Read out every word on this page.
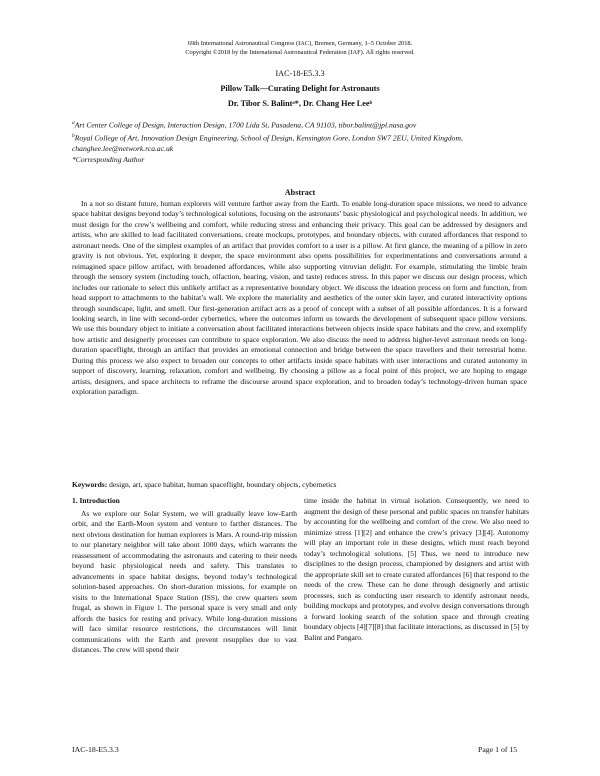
69th International Astronautical Congress (IAC), Bremen, Germany, 1–5 October 2018.
Copyright ©2018 by the International Astronautical Federation (IAF). All rights reserved.
IAC-18-E5.3.3
Pillow Talk—Curating Delight for Astronauts
Dr. Tibor S. Balintᵃ*, Dr. Chang Hee Leeᵇ

$^a$Art Center College of Design, Interaction Design, 1700 Lida St, Pasadena, CA 91103, tibor.balint@jpl.nasa.gov

$^b$Royal College of Art, Innovation Design Engineering, School of Design, Kensington Gore, London SW7 2EU, United Kingdom, changhee.lee@network.rca.ac.uk

*Corresponding Author

Abstract

In a not so distant future, human explorers will venture farther away from the Earth. To enable long-duration space missions, we need to advance space habitat designs beyond today’s technological solutions, focusing on the astronauts’ basic physiological and psychological needs. In addition, we must design for the crew’s wellbeing and comfort, while reducing stress and enhancing their privacy. This goal can be addressed by designers and artists, who are skilled to lead facilitated conversations, create mockups, prototypes, and boundary objects, with curated affordances that respond to astronaut needs. One of the simplest examples of an artifact that provides comfort to a user is a pillow. At first glance, the meaning of a pillow in zero gravity is not obvious. Yet, exploring it deeper, the space environment also opens possibilities for experimentations and conversations around a reimagined space pillow artifact, with broadened affordances, while also supporting vitruvian delight. For example, stimulating the limbic brain through the sensory system (including touch, olfaction, hearing, vision, and taste) reduces stress. In this paper we discuss our design process, which includes our rationale to select this unlikely artifact as a representative boundary object. We discuss the ideation process on form and function, from head support to attachments to the habitat’s wall. We explore the materiality and aesthetics of the outer skin layer, and curated interactivity options through soundscape, light, and smell. Our first-generation artifact acts as a proof of concept with a subset of all possible affordances. It is a forward looking search, in line with second-order cybernetics, where the outcomes inform us towards the development of subsequent space pillow versions. We use this boundary object to initiate a conversation about facilitated interactions between objects inside space habitats and the crew, and exemplify how artistic and designerly processes can contribute to space exploration. We also discuss the need to address higher-level astronaut needs on long-duration spaceflight, through an artifact that provides an emotional connection and bridge between the space travellers and their terrestrial home. During this process we also expect to broaden our concepts to other artifacts inside space habitats with user interactions and curated autonomy in support of discovery, learning, relaxation, comfort and wellbeing. By choosing a pillow as a focal point of this project, we are hoping to engage artists, designers, and space architects to reframe the discourse around space exploration, and to broaden today’s technology-driven human space exploration paradigm.

Keywords: design, art, space habitat, human spaceflight, boundary objects, cybernetics

1. Introduction

As we explore our Solar System, we will gradually leave low-Earth orbit, and the Earth-Moon system and venture to farther distances. The next obvious destination for human explorers is Mars. A round-trip mission to our planetary neighbor will take about 1000 days, which warrants the reassessment of accommodating the astronauts and catering to their needs beyond basic physiological needs and safety. This translates to advancements in space habitat designs, beyond today’s technological solution-based approaches. On short-duration missions, for example on visits to the International Space Station (ISS), the crew quarters seem frugal, as shown in Figure 1. The personal space is very small and only affords the basics for resting and privacy. While long-duration missions will face similar resource restrictions, the circumstances will limit communications with the Earth and prevent resupplies due to vast distances. The crew will spend their

time inside the habitat in virtual isolation. Consequently, we need to augment the design of these personal and public spaces on transfer habitats by accounting for the wellbeing and comfort of the crew. We also need to minimize stress [1][2] and enhance the crew’s privacy [3][4]. Autonomy will play an important role in these designs, which must reach beyond today’s technological solutions. [5] Thus, we need to introduce new disciplines to the design process, championed by designers and artist with the appropriate skill set to create curated affordances [6] that respond to the needs of the crew. These can be done through designerly and artistic processes, such as conducting user research to identify astronaut needs, building mockups and prototypes, and evolve design conversations through a forward looking search of the solution space and through creating boundary objects [4][7][8] that facilitate interactions, as discussed in [5] by Balint and Pangaro.

IAC-18-E5.3.3	Page 1 of 15
